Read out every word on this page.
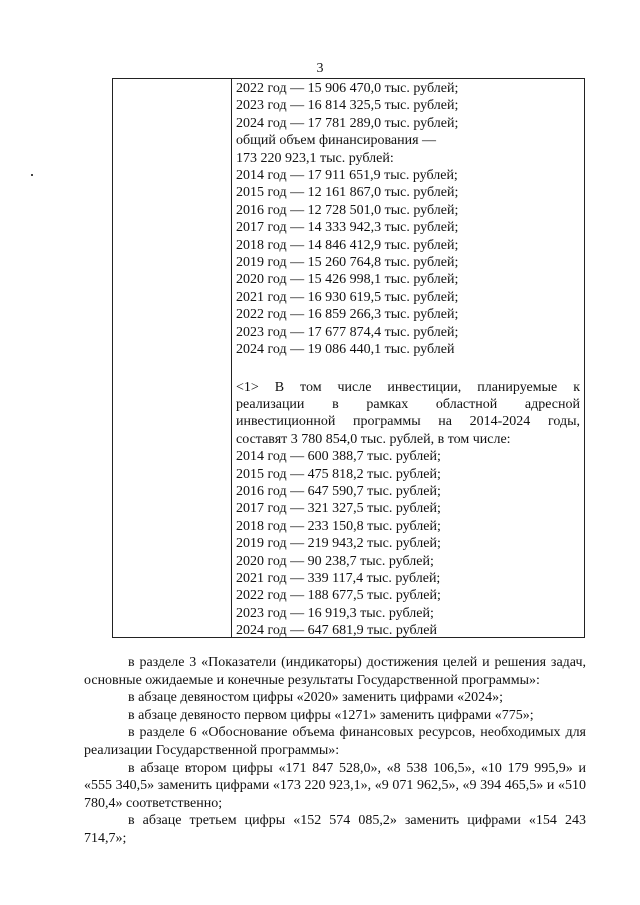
3
2022 год — 15 906 470,0 тыс. рублей;
2023 год — 16 814 325,5 тыс. рублей;
2024 год — 17 781 289,0 тыс. рублей;
общий объем финансирования —
173 220 923,1 тыс. рублей:
2014 год — 17 911 651,9 тыс. рублей;
2015 год — 12 161 867,0 тыс. рублей;
2016 год — 12 728 501,0 тыс. рублей;
2017 год — 14 333 942,3 тыс. рублей;
2018 год — 14 846 412,9 тыс. рублей;
2019 год — 15 260 764,8 тыс. рублей;
2020 год — 15 426 998,1 тыс. рублей;
2021 год — 16 930 619,5 тыс. рублей;
2022 год — 16 859 266,3 тыс. рублей;
2023 год — 17 677 874,4 тыс. рублей;
2024 год — 19 086 440,1 тыс. рублей
<1> В том числе инвестиции, планируемые к
реализации в рамках областной адресной
инвестиционной программы на 2014-2024 годы,
составят 3 780 854,0 тыс. рублей, в том числе:
2014 год — 600 388,7 тыс. рублей;
2015 год — 475 818,2 тыс. рублей;
2016 год — 647 590,7 тыс. рублей;
2017 год — 321 327,5 тыс. рублей;
2018 год — 233 150,8 тыс. рублей;
2019 год — 219 943,2 тыс. рублей;
2020 год — 90 238,7 тыс. рублей;
2021 год — 339 117,4 тыс. рублей;
2022 год — 188 677,5 тыс. рублей;
2023 год — 16 919,3 тыс. рублей;
2024 год — 647 681,9 тыс. рублей

в разделе 3 «Показатели (индикаторы) достижения целей и решения задач, основные ожидаемые и конечные результаты Государственной программы»:

в абзаце девяностом цифры «2020» заменить цифрами «2024»;

в абзаце девяносто первом цифры «1271» заменить цифрами «775»;

в разделе 6 «Обоснование объема финансовых ресурсов, необходимых для реализации Государственной программы»:

в абзаце втором цифры «171 847 528,0», «8 538 106,5», «10 179 995,9» и «555 340,5» заменить цифрами «173 220 923,1», «9 071 962,5», «9 394 465,5» и «510 780,4» соответственно;

в абзаце третьем цифры «152 574 085,2» заменить цифрами «154 243 714,7»;
